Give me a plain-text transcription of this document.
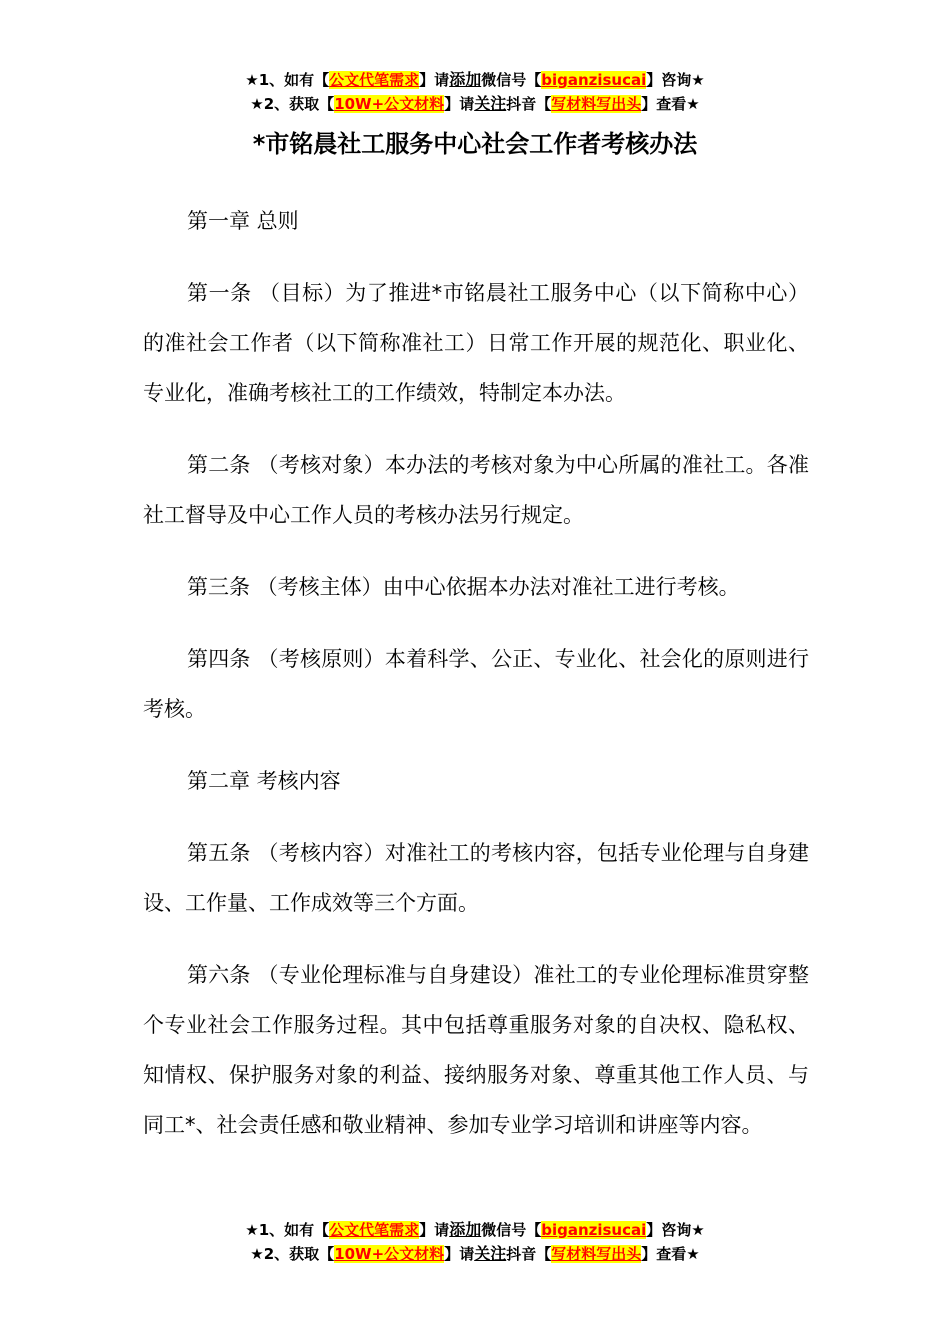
★1、如有【公文代笔需求】请添加微信号【biganzisucai】咨询★
★2、获取【10W+公文材料】请关注抖音【写材料写出头】查看★
*市铭晨社工服务中心社会工作者考核办法

第一章 总则

第一条 （目标）为了推进*市铭晨社工服务中心（以下简称中心）的准社会工作者（以下简称准社工）日常工作开展的规范化、职业化、专业化，准确考核社工的工作绩效，特制定本办法。

第二条 （考核对象）本办法的考核对象为中心所属的准社工。各准社工督导及中心工作人员的考核办法另行规定。

第三条 （考核主体）由中心依据本办法对准社工进行考核。

第四条 （考核原则）本着科学、公正、专业化、社会化的原则进行考核。

第二章 考核内容

第五条 （考核内容）对准社工的考核内容，包括专业伦理与自身建设、工作量、工作成效等三个方面。

第六条 （专业伦理标准与自身建设）准社工的专业伦理标准贯穿整个专业社会工作服务过程。其中包括尊重服务对象的自决权、隐私权、知情权、保护服务对象的利益、接纳服务对象、尊重其他工作人员、与同工*、社会责任感和敬业精神、参加专业学习培训和讲座等内容。

★1、如有【公文代笔需求】请添加微信号【biganzisucai】咨询★
★2、获取【10W+公文材料】请关注抖音【写材料写出头】查看★
